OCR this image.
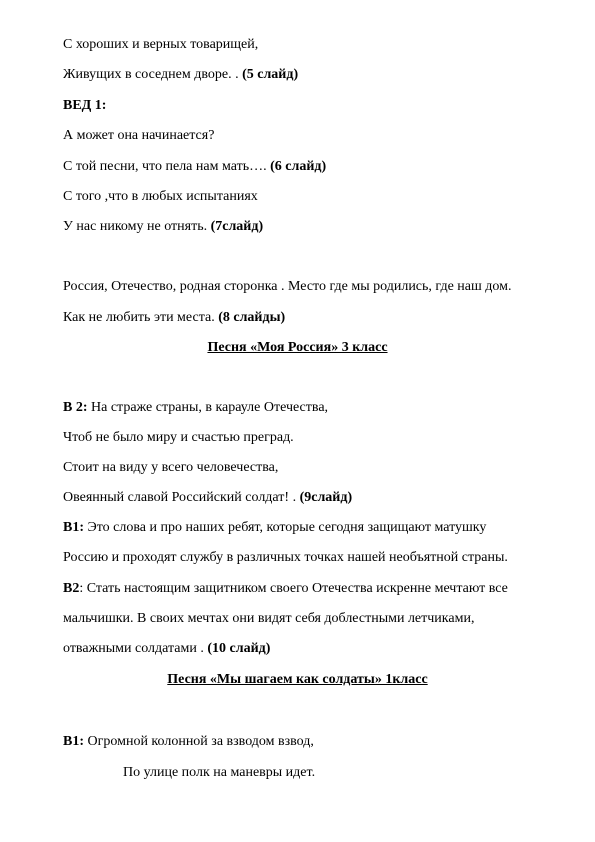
С хороших и верных товарищей,
Живущих в соседнем дворе. . (5 слайд)
ВЕД 1:
А может она начинается?
С той песни, что пела нам мать…. (6 слайд)
С того ,что в любых испытаниях
У нас никому не отнять. (7слайд)
Россия, Отечество, родная сторонка . Место где мы родились, где наш дом.
Как не любить эти места. (8 слайды)
Песня «Моя Россия» 3 класс
В 2: На страже страны, в карауле Отечества,
Чтоб не было миру и счастью преград.
Стоит на виду у всего человечества,
Овеянный славой Российский солдат! . (9слайд)
В1: Это слова и про наших ребят, которые сегодня защищают матушку
Россию и проходят службу в различных точках нашей необъятной страны.
В2: Стать настоящим защитником своего Отечества искренне мечтают все
мальчишки. В своих мечтах они видят себя доблестными летчиками,
отважными солдатами . (10 слайд)
Песня «Мы шагаем как солдаты» 1класс
В1: Огромной колонной за взводом взвод,
По улице полк на маневры идет.
